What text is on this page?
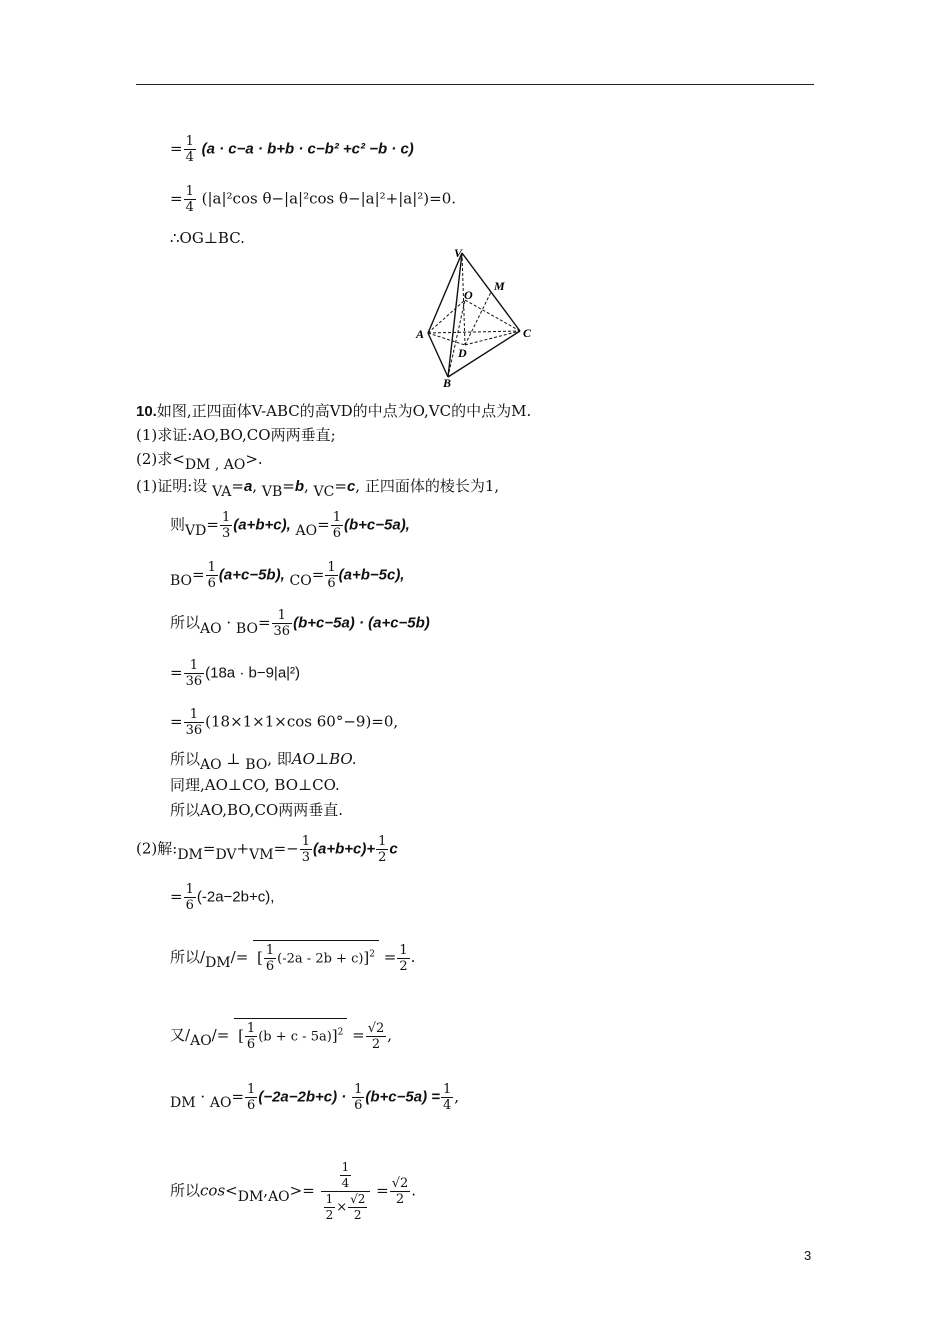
= $\frac{1}{4} (a \cdot c-a \cdot b+b \cdot c-b^2 +c^2 -b \cdot c)$
= $\frac{1}{4} (|a|^2\cos$ θ−|a|²cos θ−|a|²+|a|²)=0.
∴OG⊥BC.
V
M
O
A	C
D
B
10.如图,正四面体V-ABC的高VD的中点为O,VC的中点为M.
(1)求证:AO,BO,CO两两垂直;
(2)求<DM , AO>.
(1)证明:设 VA=a, VB=b, VC=c, 正四面体的棱长为1,
则$VD= \frac{1}{3} (a+b+c)$, $AO= \frac{1}{6} (b+c-5a)$,
$BO= \frac{1}{6} (a+c-5b)$, $CO= \frac{1}{6} (a+b-5c)$,
所以AO · $BO= \frac{1}{36} (b+c-5a) \cdot (a+c-5b)$
= $\frac{1}{36} (18a \cdot b-9|a|^2)$
= $\frac{1}{36} (18\times 1\times 1\times\cos$ 60°−9)=0,
所以AO ⊥ BO, 即AO⊥BO.
同理,AO⊥CO, BO⊥CO.
所以AO,BO,CO两两垂直.
(2)解:DM=DV+VM=− $\frac{1}{3} (a+b+c)+ \frac{1}{2}$ c
= $\frac{1}{6} (-2a-2b+c)$,
所以/DM/= [ $\frac{1}{6} (-2a - 2b + c)]^2 = \frac{1}{2}$ .
又/AO/= [ $\frac{1}{6} (b + c - 5a)]^2 = \frac{√2}{2}$ ,
DM · $AO= \frac{1}{6} (-2a-2b+c) \cdot \frac{1}{6} (b+c-5a) = \frac{1}{4}$ ,
所以$\cos<DM,AO>= \frac{\frac{1}{4}}{\frac{1}{2} \times \frac{√2}{2}} = \frac{√2}{2}$ .
3
